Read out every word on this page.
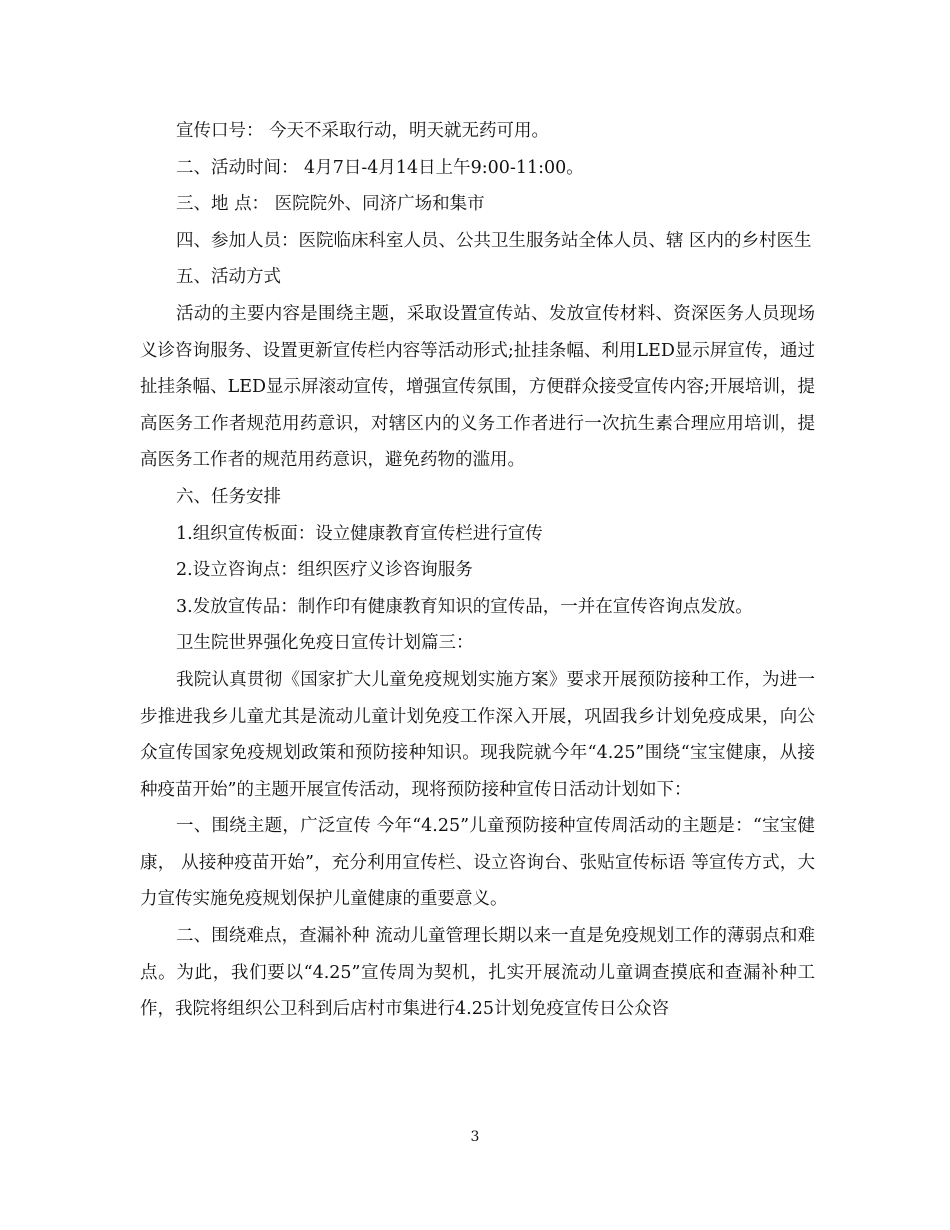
宣传口号： 今天不采取行动，明天就无药可用。

二、活动时间： 4月7日-4月14日上午9:00-11:00。

三、地 点： 医院院外、同济广场和集市

四、参加人员：医院临床科室人员、公共卫生服务站全体人员、辖 区内的乡村医生

五、活动方式

活动的主要内容是围绕主题，采取设置宣传站、发放宣传材料、资深医务人员现场义诊咨询服务、设置更新宣传栏内容等活动形式;扯挂条幅、利用LED显示屏宣传，通过扯挂条幅、LED显示屏滚动宣传，增强宣传氛围，方便群众接受宣传内容;开展培训，提高医务工作者规范用药意识，对辖区内的义务工作者进行一次抗生素合理应用培训，提高医务工作者的规范用药意识，避免药物的滥用。

六、任务安排

1.组织宣传板面：设立健康教育宣传栏进行宣传

2.设立咨询点：组织医疗义诊咨询服务

3.发放宣传品：制作印有健康教育知识的宣传品，一并在宣传咨询点发放。

卫生院世界强化免疫日宣传计划篇三：

我院认真贯彻《国家扩大儿童免疫规划实施方案》要求开展预防接种工作，为进一步推进我乡儿童尤其是流动儿童计划免疫工作深入开展，巩固我乡计划免疫成果，向公众宣传国家免疫规划政策和预防接种知识。现我院就今年“4.25”围绕“宝宝健康，从接种疫苗开始”的主题开展宣传活动，现将预防接种宣传日活动计划如下：

一、围绕主题，广泛宣传 今年“4.25”儿童预防接种宣传周活动的主题是：“宝宝健康， 从接种疫苗开始”，充分利用宣传栏、设立咨询台、张贴宣传标语 等宣传方式，大力宣传实施免疫规划保护儿童健康的重要意义。

二、围绕难点，查漏补种 流动儿童管理长期以来一直是免疫规划工作的薄弱点和难点。为此，我们要以“4.25”宣传周为契机，扎实开展流动儿童调查摸底和查漏补种工作，我院将组织公卫科到后店村市集进行4.25计划免疫宣传日公众咨

3
